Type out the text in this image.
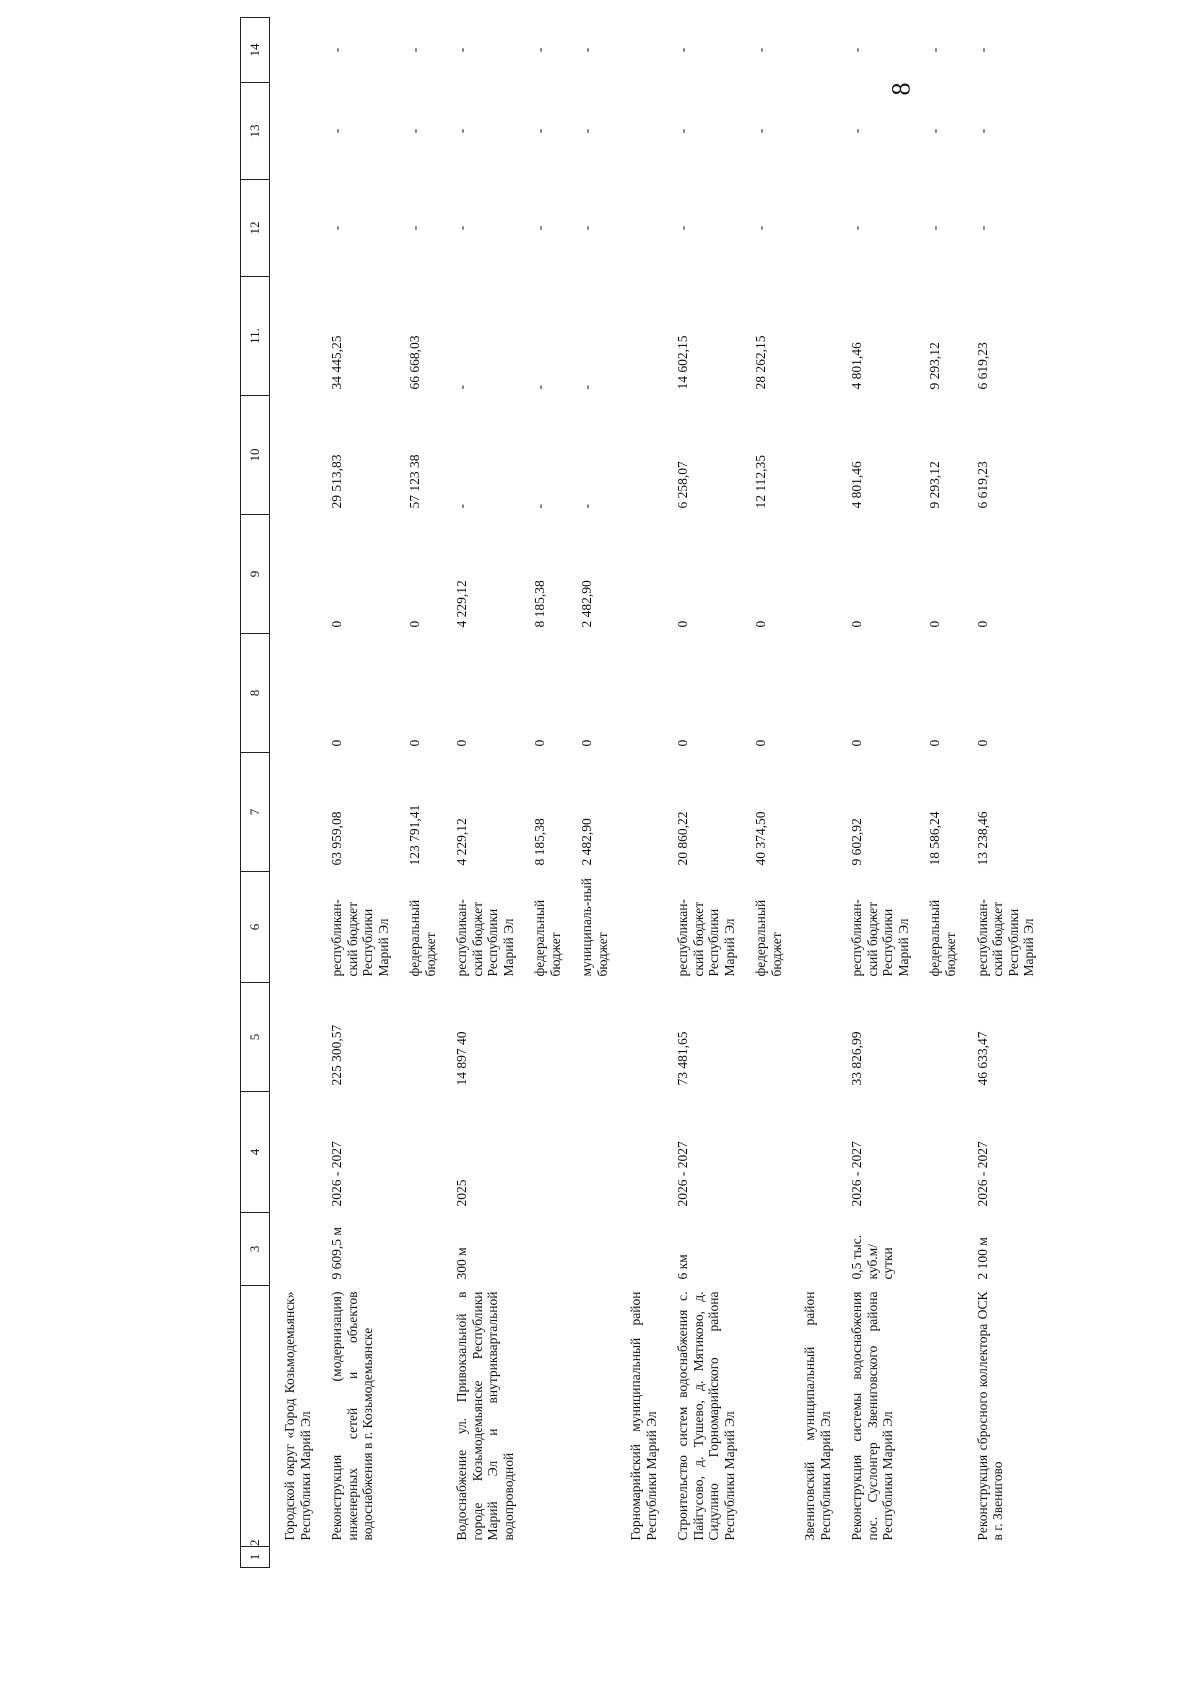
8
1	2	3	4	5	6	7	8	9	10	11.	12	13	14
	Городской округ «Город Козьмодемьянск» Республики Марий Эл												
	Реконструкция (модернизация) инженерных сетей и объектов водоснабжения в г. Козьмодемьянске	9 609,5 м	2026 - 2027	225 300,57	республикан-ский бюджет Республики Марий Эл	63 959,08	0	0	29 513,83	34 445,25	-	-	-
					федеральный бюджет	123 791,41	0	0	57 123 38	66 668,03	-	-	-
	Водоснабжение ул. Привокзальной в городе Козьмодемьянске Республики Марий Эл и внутриквартальной водопроводной	300 м	2025	14 897 40	республикан-ский бюджет Республики Марий Эл	4 229,12	0	4 229,12	-	-	-	-	-
					федеральный бюджет	8 185,38	0	8 185,38	-	-	-	-	-
					муниципаль-ный бюджет	2 482,90	0	2 482,90	-	-	-	-	-
	Горномарийский муниципальный район Республики Марий Эл												
	Строительство систем водоснабжения с. Пайгусово, д. Тушево, д. Мятиково, д. Сидулино Горномарийского района Республики Марий Эл	6 км	2026 - 2027	73 481,65	республикан-ский бюджет Республики Марий Эл	20 860,22	0	0	6 258,07	14 602,15	-	-	-
					федеральный бюджет	40 374,50	0	0	12 112,35	28 262,15	-	-	-
	Звениговский муниципальный район Республики Марий Эл												
	Реконструкция системы водоснабжения пос. Суслонгер Звениговского района Республики Марий Эл	0,5 тыс. куб.м/сутки	2026 - 2027	33 826,99	республикан-ский бюджет Республики Марий Эл	9 602,92	0	0	4 801,46	4 801,46	-	-	-
					федеральный бюджет	18 586,24	0	0	9 293,12	9 293,12	-	-	-
	Реконструкция сбросного коллектора ОСК в г. Звенигово	2 100 м	2026 - 2027	46 633,47	республикан-ский бюджет Республики Марий Эл	13 238,46	0	0	6 619,23	6 619,23	-	-	-
